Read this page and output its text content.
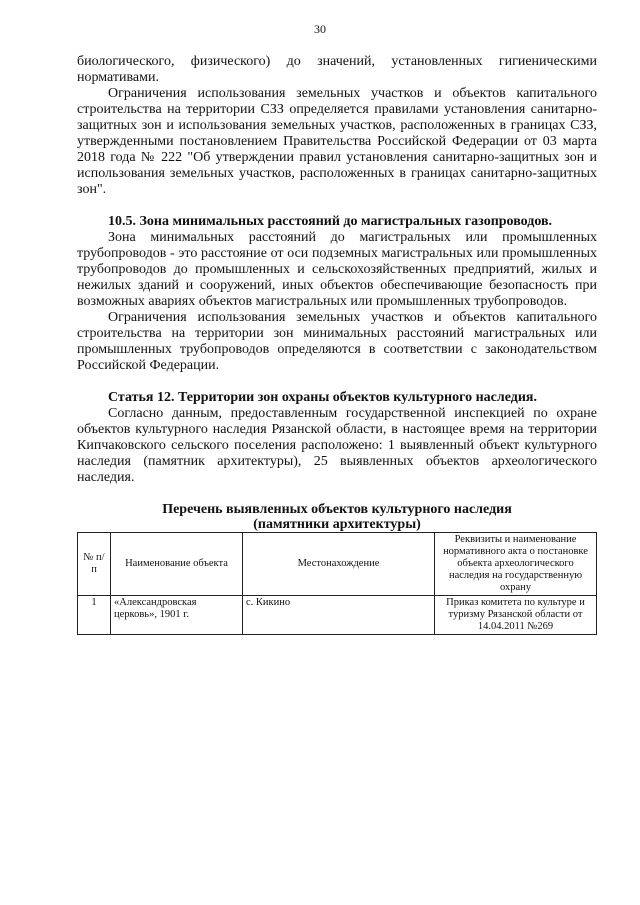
30

биологического, физического) до значений, установленных гигиеническими нормативами.

Ограничения использования земельных участков и объектов капитального строительства на территории СЗЗ определяется правилами установления санитарно-защитных зон и использования земельных участков, расположенных в границах СЗЗ, утвержденными постановлением Правительства Российской Федерации от 03 марта 2018 года № 222 "Об утверждении правил установления санитарно-защитных зон и использования земельных участков, расположенных в границах санитарно-защитных зон".

10.5. Зона минимальных расстояний до магистральных газопроводов.

Зона минимальных расстояний до магистральных или промышленных трубопроводов - это расстояние от оси подземных магистральных или промышленных трубопроводов до промышленных и сельскохозяйственных предприятий, жилых и нежилых зданий и сооружений, иных объектов обеспечивающие безопасность при возможных авариях объектов магистральных или промышленных трубопроводов.

Ограничения использования земельных участков и объектов капитального строительства на территории зон минимальных расстояний магистральных или промышленных трубопроводов определяются в соответствии с законодательством Российской Федерации.

Статья 12. Территории зон охраны объектов культурного наследия.

Согласно данным, предоставленным государственной инспекцией по охране объектов культурного наследия Рязанской области, в настоящее время на территории Кипчаковского сельского поселения расположено: 1 выявленный объект культурного наследия (памятник архитектуры), 25 выявленных объектов археологического наследия.

Перечень выявленных объектов культурного наследия
(памятники архитектуры)
№ п/п	Наименование объекта	Местонахождение	Реквизиты и наименование нормативного акта о постановке объекта археологического наследия на государственную охрану
1	«Александровская церковь», 1901 г.	с. Кикино	Приказ комитета по культуре и туризму Рязанской области от 14.04.2011 №269
